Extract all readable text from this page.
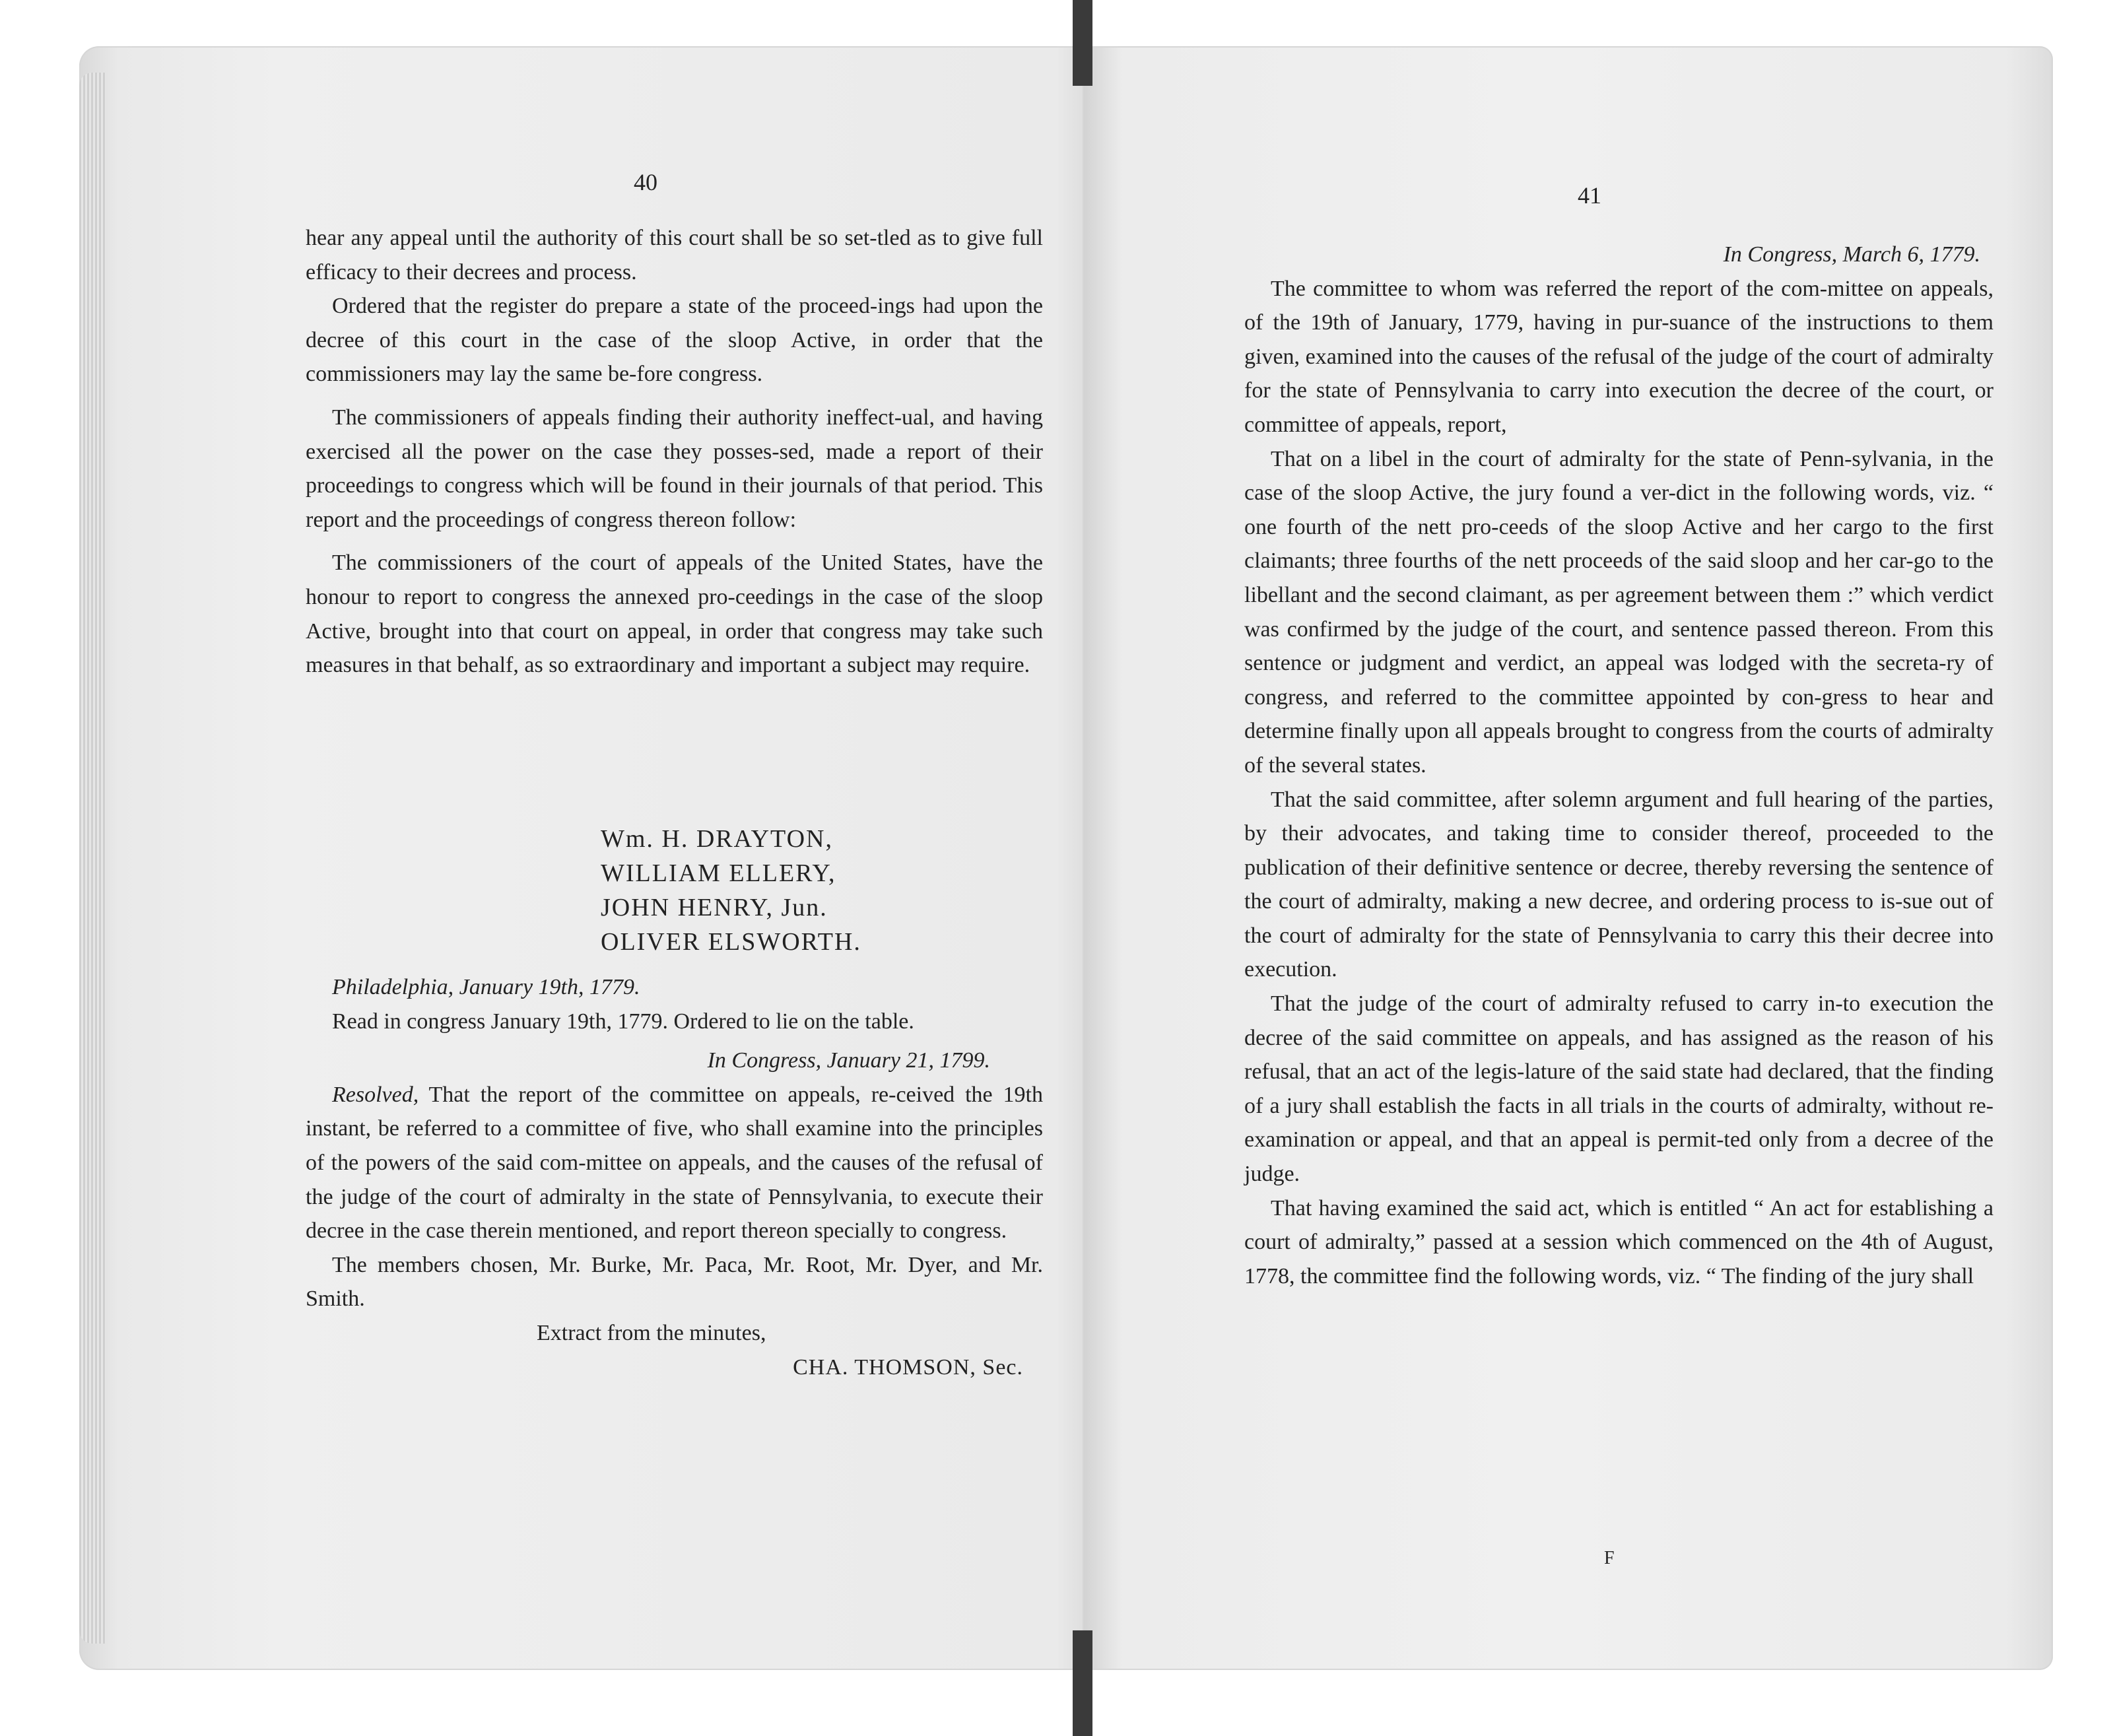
40

hear any appeal until the authority of this court shall be so set-tled as to give full efficacy to their decrees and process.

Ordered that the register do prepare a state of the proceed-ings had upon the decree of this court in the case of the sloop Active, in order that the commissioners may lay the same be-fore congress.

The commissioners of appeals finding their authority ineffect-ual, and having exercised all the power on the case they posses-sed, made a report of their proceedings to congress which will be found in their journals of that period. This report and the proceedings of congress thereon follow:

The commissioners of the court of appeals of the United States, have the honour to report to congress the annexed pro-ceedings in the case of the sloop Active, brought into that court on appeal, in order that congress may take such measures in that behalf, as so extraordinary and important a subject may require.

Wm. H. DRAYTON,
WILLIAM ELLERY,
JOHN HENRY, Jun.
OLIVER ELSWORTH.

Philadelphia, January 19th, 1779.

Read in congress January 19th, 1779. Ordered to lie on the table.

In Congress, January 21, 1799.

Resolved, That the report of the committee on appeals, re-ceived the 19th instant, be referred to a committee of five, who shall examine into the principles of the powers of the said com-mittee on appeals, and the causes of the refusal of the judge of the court of admiralty in the state of Pennsylvania, to execute their decree in the case therein mentioned, and report thereon specially to congress.

The members chosen, Mr. Burke, Mr. Paca, Mr. Root, Mr. Dyer, and Mr. Smith.

Extract from the minutes,

CHA. THOMSON, Sec.

41

In Congress, March 6, 1779.

The committee to whom was referred the report of the com-mittee on appeals, of the 19th of January, 1779, having in pur-suance of the instructions to them given, examined into the causes of the refusal of the judge of the court of admiralty for the state of Pennsylvania to carry into execution the decree of the court, or committee of appeals, report,

That on a libel in the court of admiralty for the state of Penn-sylvania, in the case of the sloop Active, the jury found a ver-dict in the following words, viz. “ one fourth of the nett pro-ceeds of the sloop Active and her cargo to the first claimants; three fourths of the nett proceeds of the said sloop and her car-go to the libellant and the second claimant, as per agreement between them :” which verdict was confirmed by the judge of the court, and sentence passed thereon. From this sentence or judgment and verdict, an appeal was lodged with the secreta-ry of congress, and referred to the committee appointed by con-gress to hear and determine finally upon all appeals brought to congress from the courts of admiralty of the several states.

That the said committee, after solemn argument and full hearing of the parties, by their advocates, and taking time to consider thereof, proceeded to the publication of their definitive sentence or decree, thereby reversing the sentence of the court of admiralty, making a new decree, and ordering process to is-sue out of the court of admiralty for the state of Pennsylvania to carry this their decree into execution.

That the judge of the court of admiralty refused to carry in-to execution the decree of the said committee on appeals, and has assigned as the reason of his refusal, that an act of the legis-lature of the said state had declared, that the finding of a jury shall establish the facts in all trials in the courts of admiralty, without re-examination or appeal, and that an appeal is permit-ted only from a decree of the judge.

That having examined the said act, which is entitled “ An act for establishing a court of admiralty,” passed at a session which commenced on the 4th of August, 1778, the committee find the following words, viz. “ The finding of the jury shall

F
